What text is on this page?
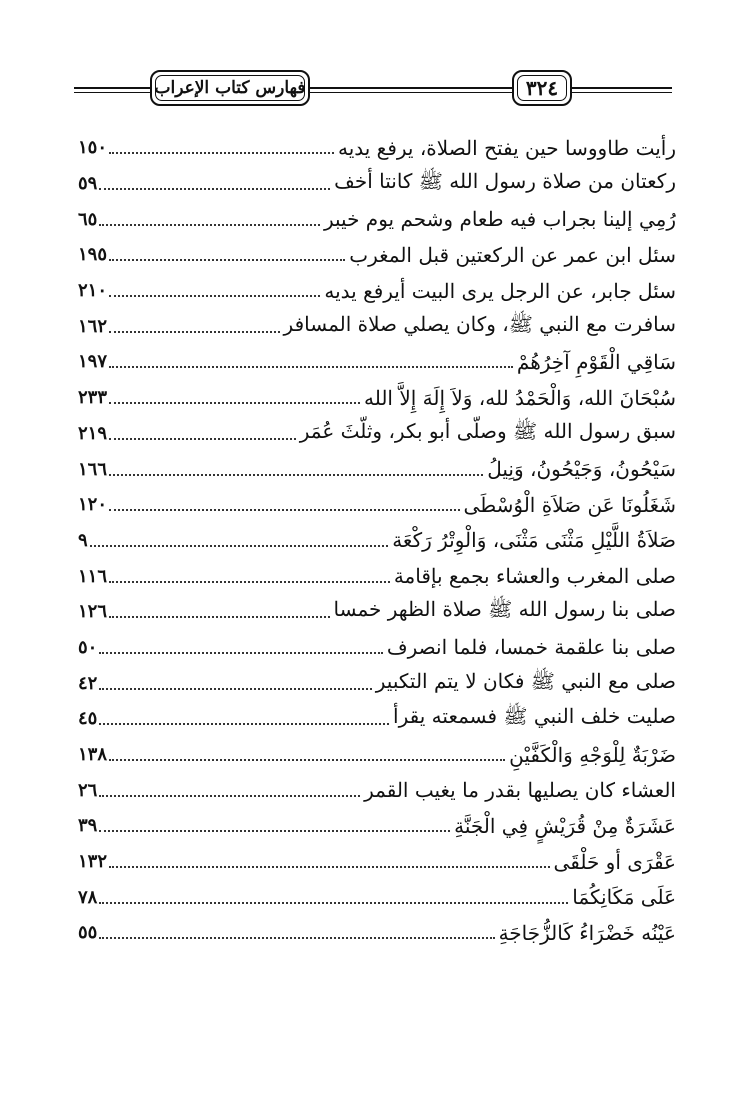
فهارس كتاب الإعراب	٣٢٤
رأيت طاووسا حين يفتح الصلاة، يرفع يديه
١٥٠
ركعتان من صلاة رسول الله ﷺ كانتا أخف
٥٩
رُمِي إلينا بجراب فيه طعام وشحم يوم خيبر
٦٥
سئل ابن عمر عن الركعتين قبل المغرب
١٩٥
سئل جابر، عن الرجل يرى البيت أيرفع يديه
٢١٠
سافرت مع النبي ﷺ، وكان يصلي صلاة المسافر
١٦٢
سَاقِي الْقَوْمِ آخِرُهُمْ
١٩٧
سُبْحَانَ الله، وَالْحَمْدُ لله، وَلاَ إِلَهَ إِلاَّ الله
٢٣٣
سبق رسول الله ﷺ وصلّى أبو بكر، وثلّثَ عُمَر
٢١٩
سَيْحُونُ، وَجَيْحُونُ، وَنِيلُ
١٦٦
شَغَلُونَا عَن صَلاَةِ الْوُسْطَى
١٢٠
صَلاَةُ اللَّيْلِ مَثْنَى مَثْنَى، وَالْوِتْرُ رَكْعَة
٩
صلى المغرب والعشاء بجمع بإقامة
١١٦
صلى بنا رسول الله ﷺ صلاة الظهر خمسا
١٢٦
صلى بنا علقمة خمسا، فلما انصرف
٥٠
صلى مع النبي ﷺ فكان لا يتم التكبير
٤٢
صليت خلف النبي ﷺ فسمعته يقرأ
٤٥
ضَرْبَةٌ لِلْوَجْهِ وَالْكَفَّيْنِ
١٣٨
العشاء كان يصليها بقدر ما يغيب القمر
٢٦
عَشَرَةٌ مِنْ قُرَيْشٍ فِي الْجَنَّةِ
٣٩
عَقْرَى أو حَلْقَى
١٣٢
عَلَى مَكَانِكُمَا
٧٨
عَيْنُه خَضْرَاءُ كَالزُّجَاجَةِ
٥٥
